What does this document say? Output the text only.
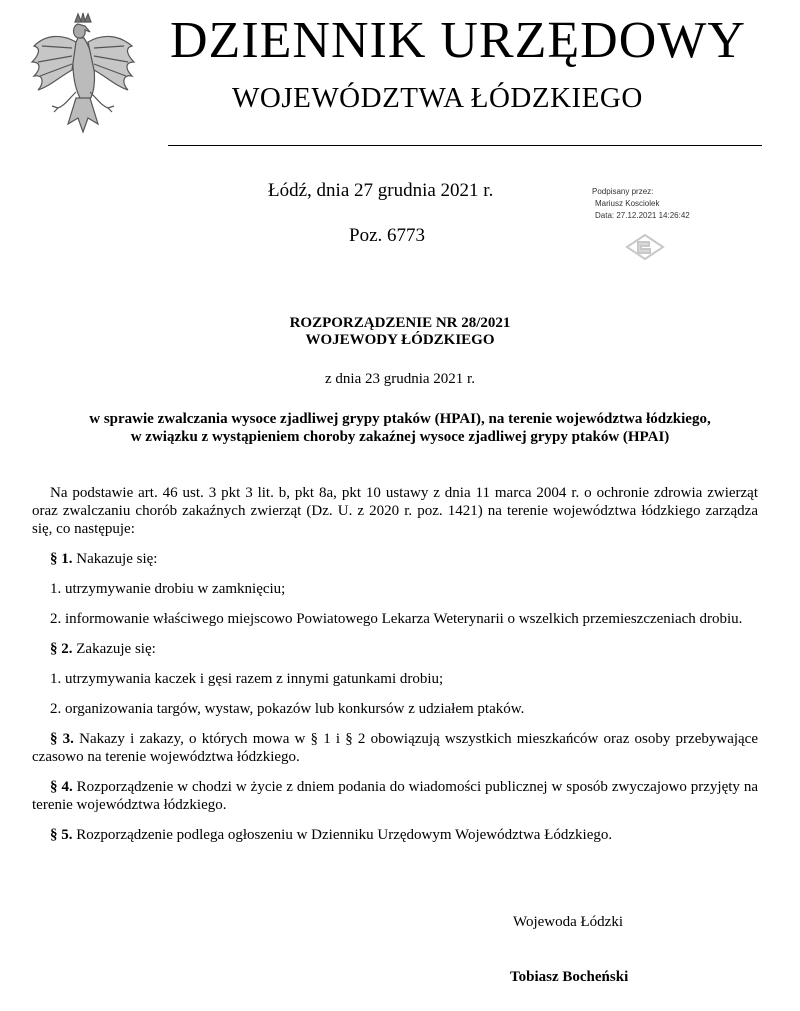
DZIENNIK URZĘDOWY
WOJEWÓDZTWA ŁÓDZKIEGO
Łódź, dnia 27 grudnia 2021 r.
Poz. 6773
Podpisany przez:
Mariusz Kosciolek
Data: 27.12.2021 14:26:42
ROZPORZĄDZENIE NR 28/2021
WOJEWODY ŁÓDZKIEGO
z dnia 23 grudnia 2021 r.
w sprawie zwalczania wysoce zjadliwej grypy ptaków (HPAI), na terenie województwa łódzkiego,
w związku z wystąpieniem choroby zakaźnej wysoce zjadliwej grypy ptaków (HPAI)

Na podstawie art. 46 ust. 3 pkt 3 lit. b, pkt 8a, pkt 10 ustawy z dnia 11 marca 2004 r. o ochronie zdrowia zwierząt oraz zwalczaniu chorób zakaźnych zwierząt (Dz. U. z 2020 r. poz. 1421) na terenie województwa łódzkiego zarządza się, co następuje:

§ 1. Nakazuje się:

1. utrzymywanie drobiu w zamknięciu;

2. informowanie właściwego miejscowo Powiatowego Lekarza Weterynarii o wszelkich przemieszczeniach drobiu.

§ 2. Zakazuje się:

1. utrzymywania kaczek i gęsi razem z innymi gatunkami drobiu;

2. organizowania targów, wystaw, pokazów lub konkursów z udziałem ptaków.

§ 3. Nakazy i zakazy, o których mowa w § 1 i § 2 obowiązują wszystkich mieszkańców oraz osoby przebywające czasowo na terenie województwa łódzkiego.

§ 4. Rozporządzenie w chodzi w życie z dniem podania do wiadomości publicznej w sposób zwyczajowo przyjęty na terenie województwa łódzkiego.

§ 5. Rozporządzenie podlega ogłoszeniu w Dzienniku Urzędowym Województwa Łódzkiego.

Wojewoda Łódzki
Tobiasz Bocheński
